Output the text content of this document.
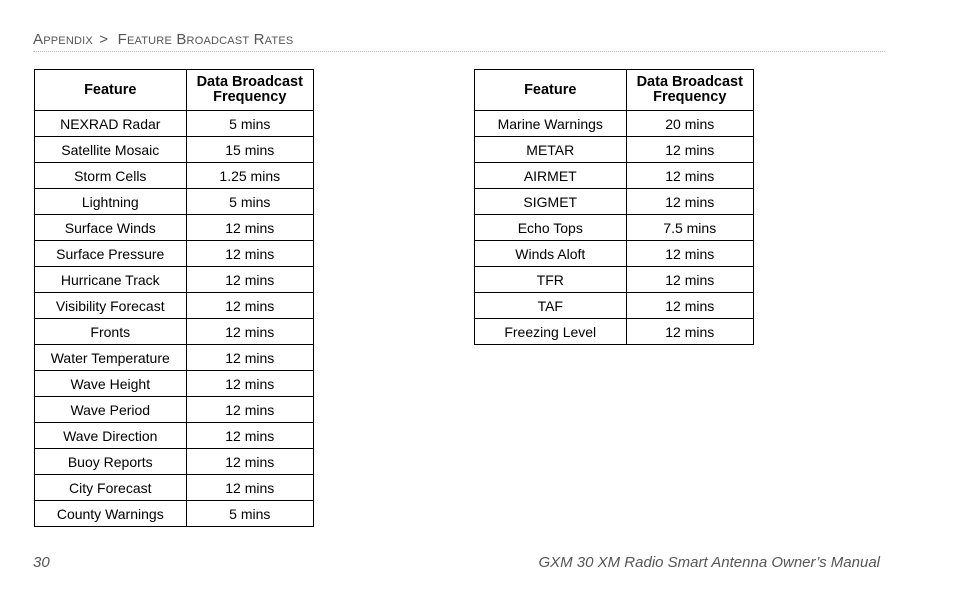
Appendix > Feature Broadcast Rates
Feature	Data Broadcast Frequency
NEXRAD Radar	5 mins
Satellite Mosaic	15 mins
Storm Cells	1.25 mins
Lightning	5 mins
Surface Winds	12 mins
Surface Pressure	12 mins
Hurricane Track	12 mins
Visibility Forecast	12 mins
Fronts	12 mins
Water Temperature	12 mins
Wave Height	12 mins
Wave Period	12 mins
Wave Direction	12 mins
Buoy Reports	12 mins
City Forecast	12 mins
County Warnings	5 mins
Feature	Data Broadcast Frequency
Marine Warnings	20 mins
METAR	12 mins
AIRMET	12 mins
SIGMET	12 mins
Echo Tops	7.5 mins
Winds Aloft	12 mins
TFR	12 mins
TAF	12 mins
Freezing Level	12 mins
30	GXM 30 XM Radio Smart Antenna Owner’s Manual
